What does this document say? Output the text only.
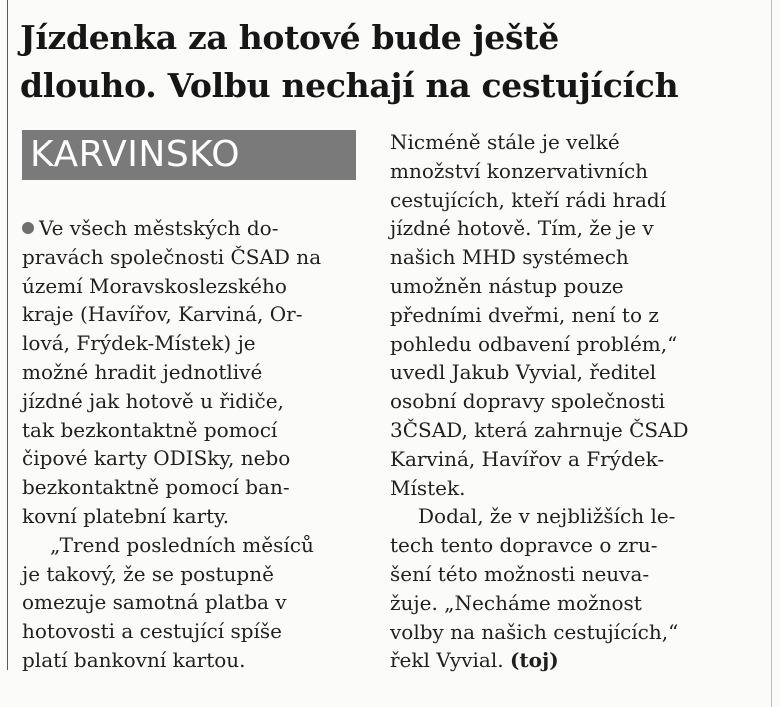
Jízdenka za hotové bude ještě
dlouho. Volbu nechají na cestujících
KARVINSKO
Ve všech městských do-
pravách společnosti ČSAD na
území Moravskoslezského
kraje (Havířov, Karviná, Or-
lová, Frýdek-Místek) je
možné hradit jednotlivé
jízdné jak hotově u řidiče,
tak bezkontaktně pomocí
čipové karty ODISky, nebo
bezkontaktně pomocí ban-
kovní platební karty.
„Trend posledních měsíců
je takový, že se postupně
omezuje samotná platba v
hotovosti a cestující spíše
platí bankovní kartou.
Nicméně stále je velké
množství konzervativních
cestujících, kteří rádi hradí
jízdné hotově. Tím, že je v
našich MHD systémech
umožněn nástup pouze
předními dveřmi, není to z
pohledu odbavení problém,“
uvedl Jakub Vyvial, ředitel
osobní dopravy společnosti
3ČSAD, která zahrnuje ČSAD
Karviná, Havířov a Frýdek-
Místek.
Dodal, že v nejbližších le-
tech tento dopravce o zru-
šení této možnosti neuva-
žuje. „Necháme možnost
volby na našich cestujících,“
řekl Vyvial. (toj)
